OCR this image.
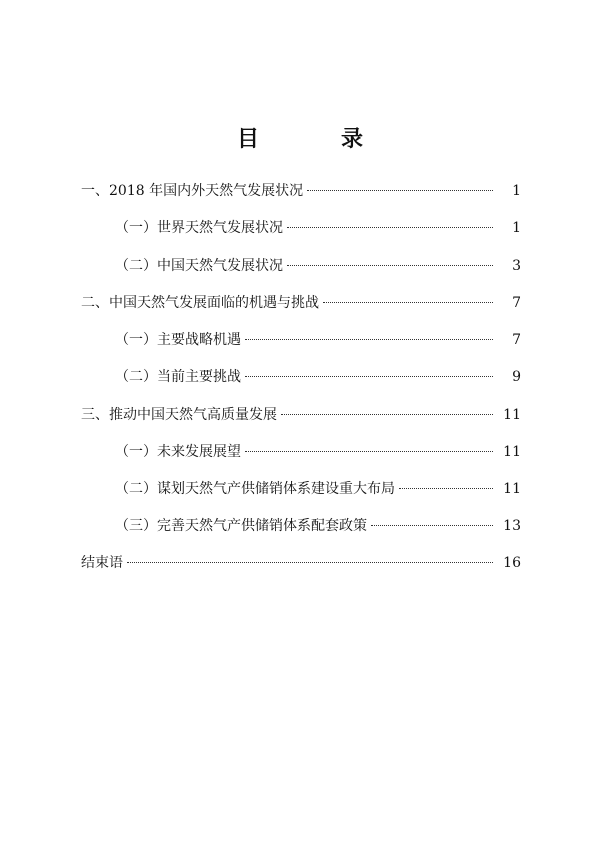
目　录
一、2018 年国内外天然气发展状况	1
（一）世界天然气发展状况	1
（二）中国天然气发展状况	3
二、中国天然气发展面临的机遇与挑战	7
（一）主要战略机遇	7
（二）当前主要挑战	9
三、推动中国天然气高质量发展	11
（一）未来发展展望	11
（二）谋划天然气产供储销体系建设重大布局	11
（三）完善天然气产供储销体系配套政策	13
结束语	16
